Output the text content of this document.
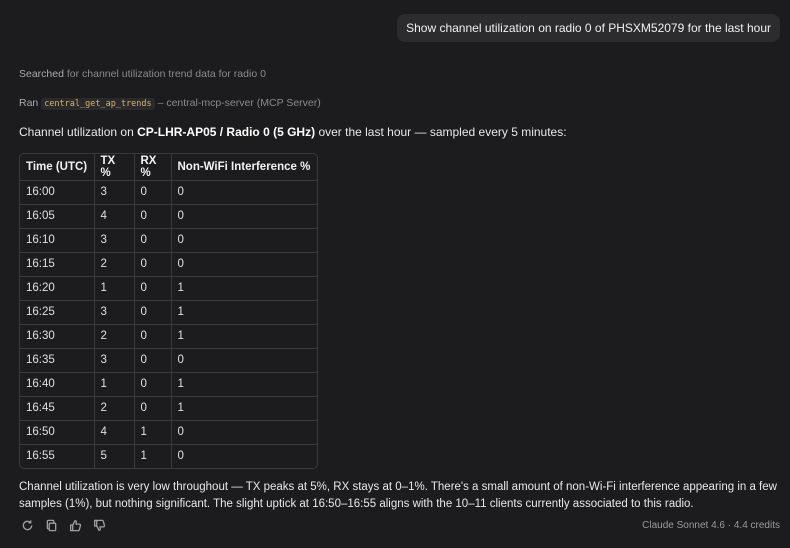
Show channel utilization on radio 0 of PHSXM52079 for the last hour
Searched for channel utilization trend data for radio 0
Ran central_get_ap_trends – central-mcp-server (MCP Server)
Channel utilization on CP-LHR-AP05 / Radio 0 (5 GHz) over the last hour — sampled every 5 minutes:
Time (UTC)	TX %	RX %	Non-WiFi Interference %
16:00	3	0	0
16:05	4	0	0
16:10	3	0	0
16:15	2	0	0
16:20	1	0	1
16:25	3	0	1
16:30	2	0	1
16:35	3	0	0
16:40	1	0	1
16:45	2	0	1
16:50	4	1	0
16:55	5	1	0
Channel utilization is very low throughout — TX peaks at 5%, RX stays at 0–1%. There's a small amount of non-Wi-Fi interference appearing in a few samples (1%), but nothing significant. The slight uptick at 16:50–16:55 aligns with the 10–11 clients currently associated to this radio.
Claude Sonnet 4.6 · 4.4 credits
